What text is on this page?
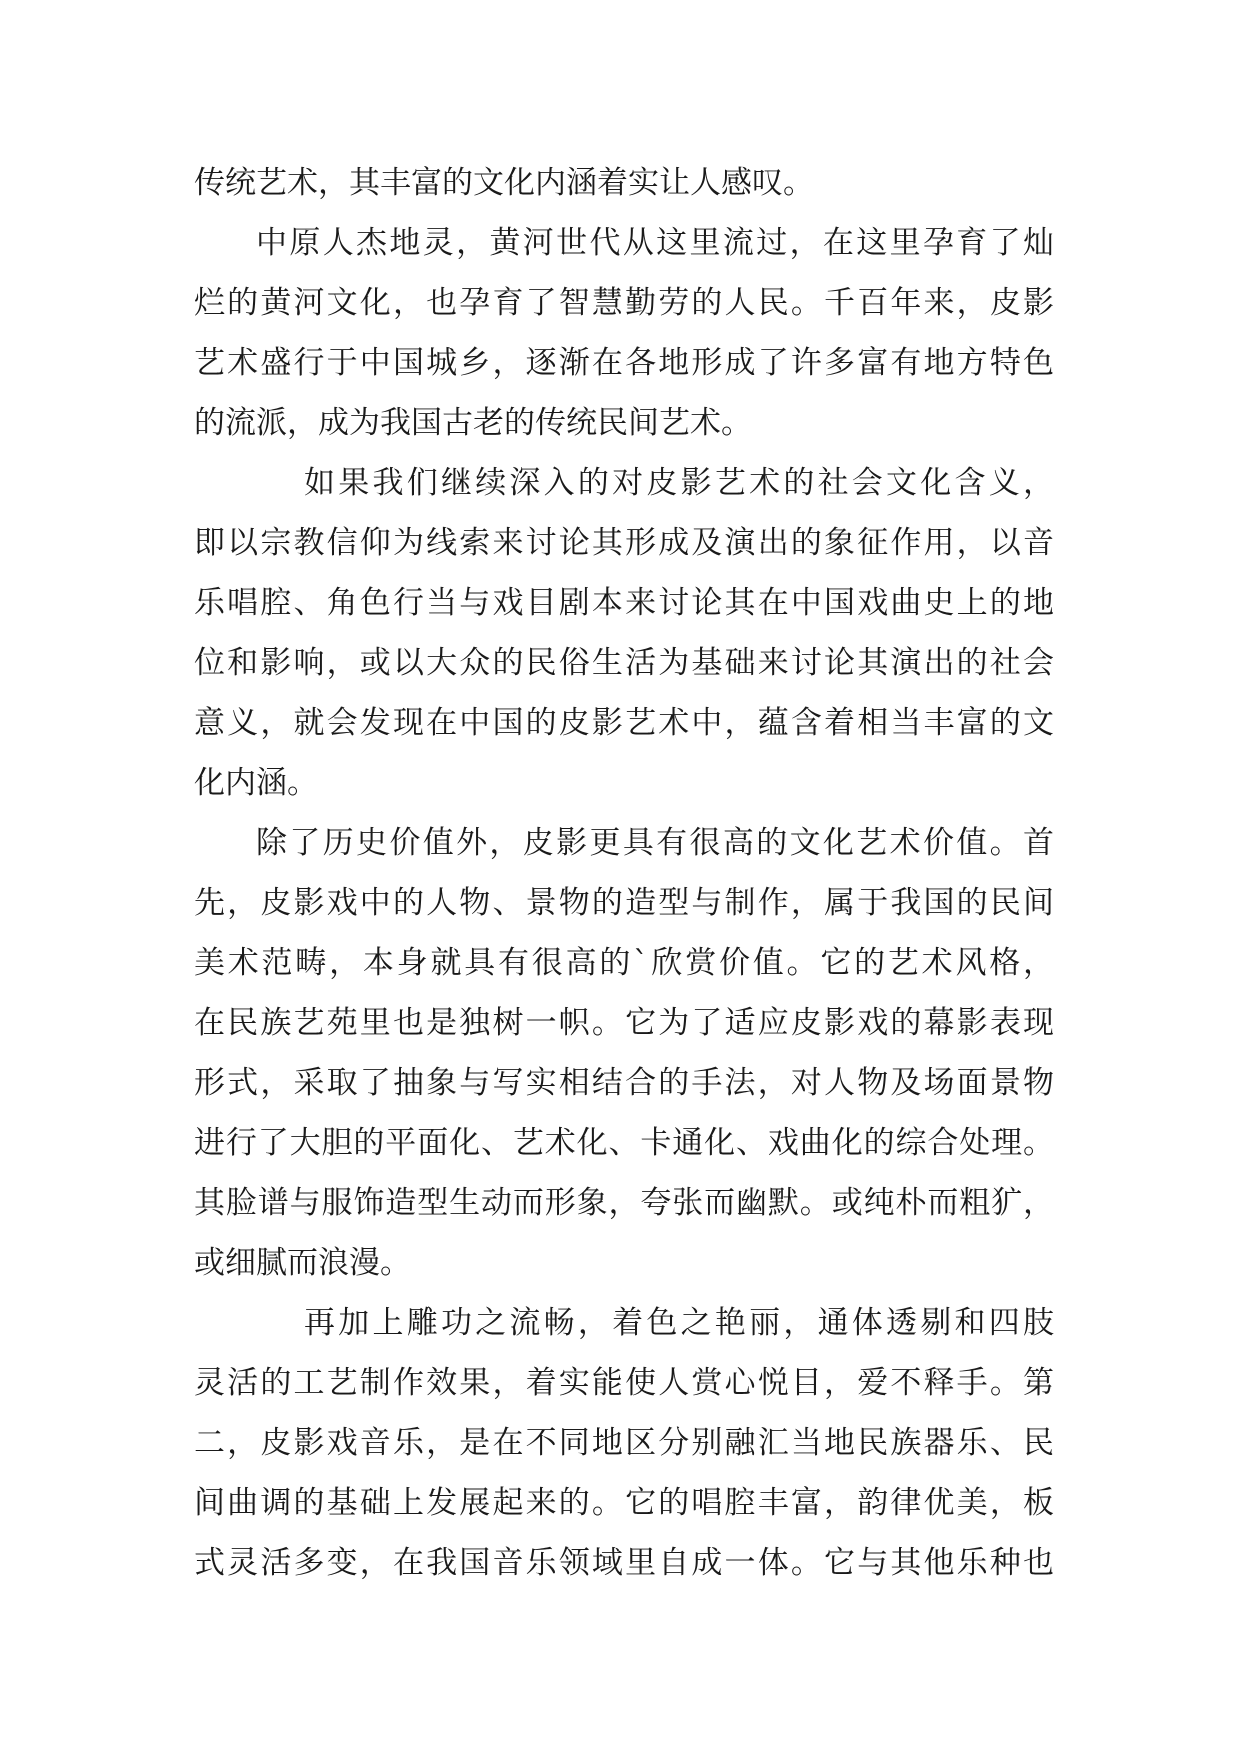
传统艺术，其丰富的文化内涵着实让人感叹。
中原人杰地灵，黄河世代从这里流过，在这里孕育了灿
烂的黄河文化，也孕育了智慧勤劳的人民。千百年来，皮影
艺术盛行于中国城乡，逐渐在各地形成了许多富有地方特色
的流派，成为我国古老的传统民间艺术。
如果我们继续深入的对皮影艺术的社会文化含义，
即以宗教信仰为线索来讨论其形成及演出的象征作用，以音
乐唱腔、角色行当与戏目剧本来讨论其在中国戏曲史上的地
位和影响，或以大众的民俗生活为基础来讨论其演出的社会
意义，就会发现在中国的皮影艺术中，蕴含着相当丰富的文
化内涵。
除了历史价值外，皮影更具有很高的文化艺术价值。首
先，皮影戏中的人物、景物的造型与制作，属于我国的民间
美术范畴，本身就具有很高的`欣赏价值。它的艺术风格，
在民族艺苑里也是独树一帜。它为了适应皮影戏的幕影表现
形式，采取了抽象与写实相结合的手法，对人物及场面景物
进行了大胆的平面化、艺术化、卡通化、戏曲化的综合处理。
其脸谱与服饰造型生动而形象，夸张而幽默。或纯朴而粗犷，
或细腻而浪漫。
再加上雕功之流畅，着色之艳丽，通体透剔和四肢
灵活的工艺制作效果，着实能使人赏心悦目，爱不释手。第
二，皮影戏音乐，是在不同地区分别融汇当地民族器乐、民
间曲调的基础上发展起来的。它的唱腔丰富，韵律优美，板
式灵活多变，在我国音乐领域里自成一体。它与其他乐种也
